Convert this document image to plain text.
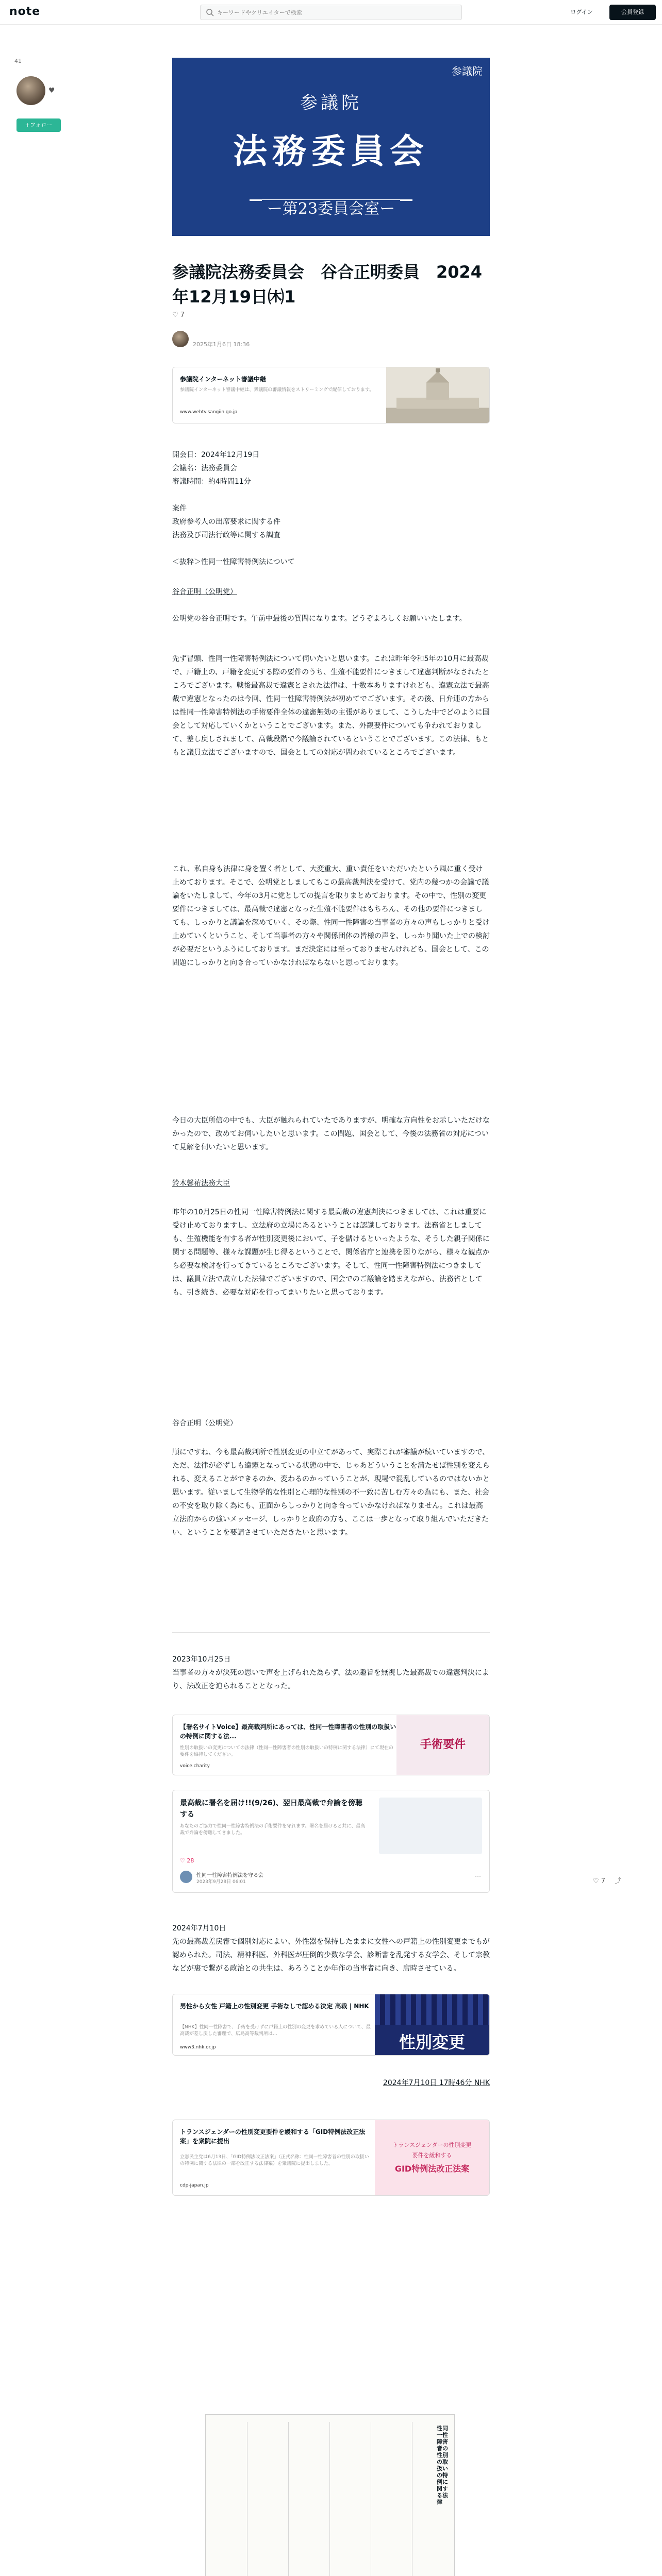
note
キーワードやクリエイターで検索	ログイン	会員登録
41
♥
+フォロー
参議院
参議院
法務委員会
ー第23委員会室ー
参議院法務委員会　谷合正明委員　2024年12月19日㈭1
♡ 7
2025年1月6日 18:36
参議院インターネット審議中継
参議院インターネット審議中継は、衆議院の審議情報をストリーミングで配信しております。
www.webtv.sangiin.go.jp
開会日：2024年12月19日
会議名：法務委員会
審議時間：約4時間11分
案件
政府参考人の出席要求に関する件
法務及び司法行政等に関する調査
＜抜粋＞性同一性障害特例法について
谷合正明（公明党）
公明党の谷合正明です。午前中最後の質問になります。どうぞよろしくお願いいたします。
先ず冒頭、性同一性障害特例法について伺いたいと思います。これは昨年令和5年の10月に最高裁で、戸籍上の、戸籍を変更する際の要件のうち、生殖不能要件につきまして違憲判断がなされたところでございます。戦後最高裁で違憲とされた法律は、十数本ありますけれども、違憲立法で最高裁で違憲となったのは今回、性同一性障害特例法が初めてでございます。その後、日弁連の方からは性同一性障害特例法の手術要件全体の違憲無効の主張がありまして、こうした中でどのように国会として対応していくかということでございます。また、外観要件についても争われておりまして、差し戻しされまして、高裁段階で今議論されているということでございます。この法律、もともと議員立法でございますので、国会としての対応が問われているところでございます。
これ、私自身も法律に身を置く者として、大変重大、重い責任をいただいたという風に重く受け止めております。そこで、公明党としましてもこの最高裁判決を受けて、党内の幾つかの会議で議論をいたしまして、今年の3月に党としての提言を取りまとめております。その中で、性別の変更要件につきましては、最高裁で違憲となった生殖不能要件はもちろん、その他の要件につきましても、しっかりと議論を深めていく、その際、性同一性障害の当事者の方々の声もしっかりと受け止めていくということ、そして当事者の方々や関係団体の皆様の声を、しっかり聞いた上での検討が必要だというふうにしております。まだ決定には至っておりませんけれども、国会として、この問題にしっかりと向き合っていかなければならないと思っております。
今日の大臣所信の中でも、大臣が触れられていたでありますが、明確な方向性をお示しいただけなかったので、改めてお伺いしたいと思います。この問題、国会として、今後の法務省の対応について見解を伺いたいと思います。
鈴木馨祐法務大臣
昨年の10月25日の性同一性障害特例法に関する最高裁の違憲判決につきましては、これは重要に受け止めておりますし、立法府の立場にあるということは認識しております。法務省としましても、生殖機能を有する者が性別変更後において、子を儲けるといったような、そうした親子関係に関する問題等、様々な課題が生じ得るということで、関係省庁と連携を図りながら、様々な観点から必要な検討を行ってきているところでございます。そして、性同一性障害特例法につきましては、議員立法で成立した法律でございますので、国会でのご議論を踏まえながら、法務省としても、引き続き、必要な対応を行ってまいりたいと思っております。
谷合正明（公明党）
順にですね、今も最高裁判所で性別変更の中立てがあって、実際これが審議が続いていますので、ただ、法律が必ずしも違憲となっている状態の中で、じゃあどういうことを満たせば性別を変えられる、変えることができるのか、変わるのかっていうことが、現場で混乱しているのではないかと思います。従いまして生物学的な性別と心理的な性別の不一致に苦しむ方々の為にも、また、社会の不安を取り除く為にも、正面からしっかりと向き合っていかなければなりません。これは最高立法府からの強いメッセージ、しっかりと政府の方も、ここは一歩となって取り組んでいただきたい、ということを要請させていただきたいと思います。
2023年10月25日
当事者の方々が決死の思いで声を上げられた為らず、法の趣旨を無視した最高裁での違憲判決により、法改正を迫られることとなった。
【署名サイトVoice】最高裁判所にあっては、性同一性障害者の性別の取扱いの特例に関する法...
性別の取扱いの変更についての法律（性同一性障害者の性別の取扱いの特例に関する法律）にて現在の要件を維持してください。
voice.charity
手術要件
最高裁に署名を届け!!(9/26)、翌日最高裁で弁論を傍聴する
あなたのご協力で性同一性障害特例法の手術要件を守れます。署名を届けると共に、最高裁で弁論を傍聴してきました。
♡ 28
性同一性障害特例法を守る会
2023年9月28日 06:01
⋯
♡ 7 ⤴
2024年7月10日
先の最高裁差戻審で個別対応によい、外性器を保持したままに女性への戸籍上の性別変更までもが認められた。司法、精神科医、外科医が圧倒的少数な学会、診断書を乱発する女学会、そして宗教などが裏で繋がる政治との共生は、あろうことか年作の当事者に向き、席時させている。
男性から女性 戸籍上の性別変更 手術なしで認める決定 高裁 | NHK
【NHK】性同一性障害で、手術を受けずに戸籍上の性別の変更を求めている人について、最高裁が差し戻した審理で、広島高等裁判所は…
www3.nhk.or.jp	性別変更
2024年7月10日 17時46分 NHK
トランスジェンダーの性別変更要件を緩和する「GID特例法改正法案」を衆院に提出
立憲民主党は6月13日、「GID特例法改正法案」（正式名称：性同一性障害者の性別の取扱いの特例に関する法律の一部を改正する法律案）を衆議院に提出しました。
cdp-japan.jp
トランスジェンダーの性別変更
要件を緩和する
GID特例法改正法案
性同一性障害者の性別の取扱いの特例に関する法律
